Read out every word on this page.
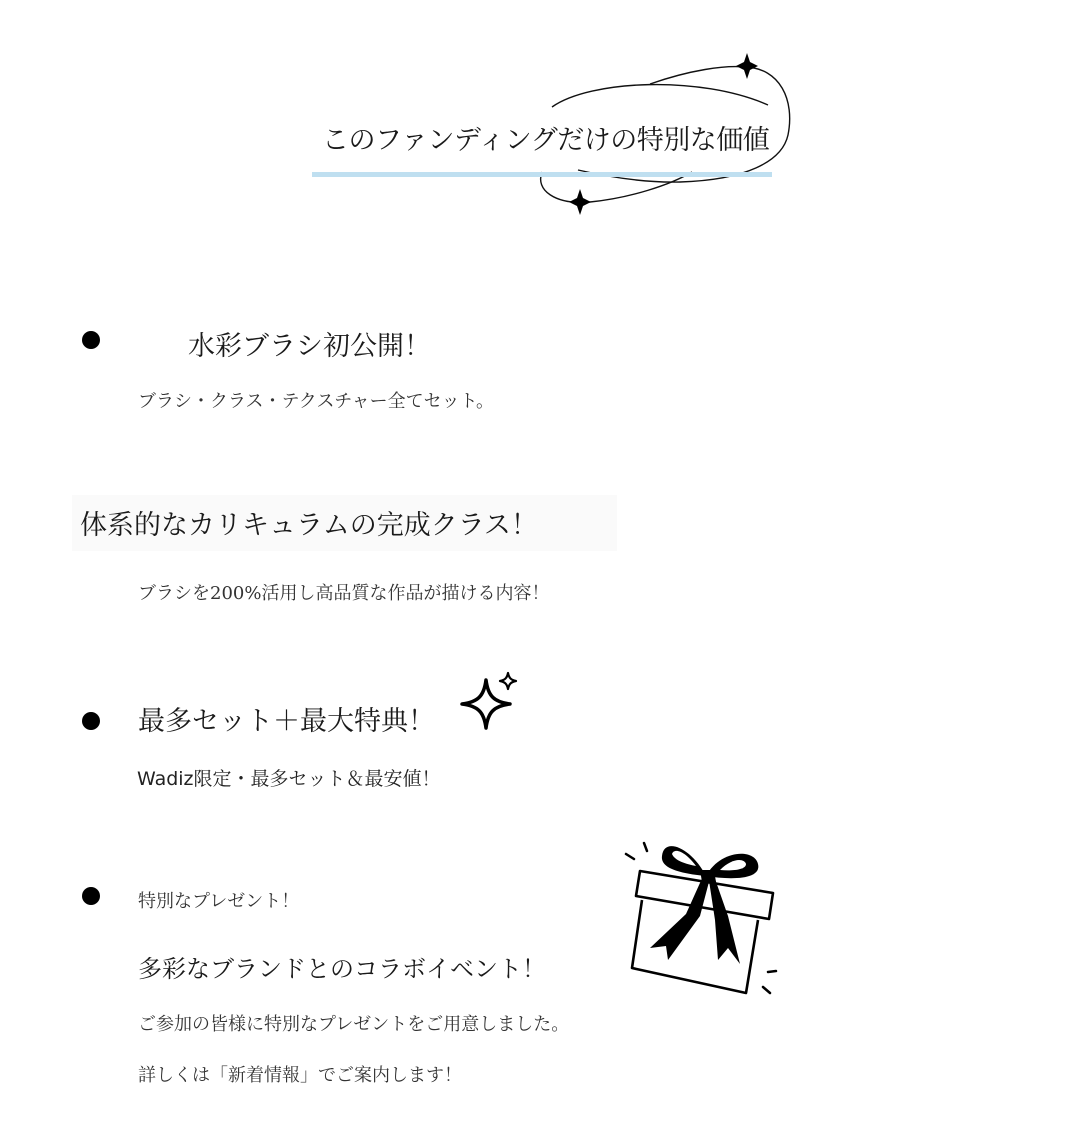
このファンディングだけの特別な価値
水彩ブラシ初公開！
ブラシ・クラス・テクスチャー全てセット。
体系的なカリキュラムの完成クラス！
ブラシを200%活用し高品質な作品が描ける内容！
最多セット＋最大特典！
Wadiz限定・最多セット＆最安値！
特別なプレゼント！
多彩なブランドとのコラボイベント！
ご参加の皆様に特別なプレゼントをご用意しました。
詳しくは「新着情報」でご案内します！
